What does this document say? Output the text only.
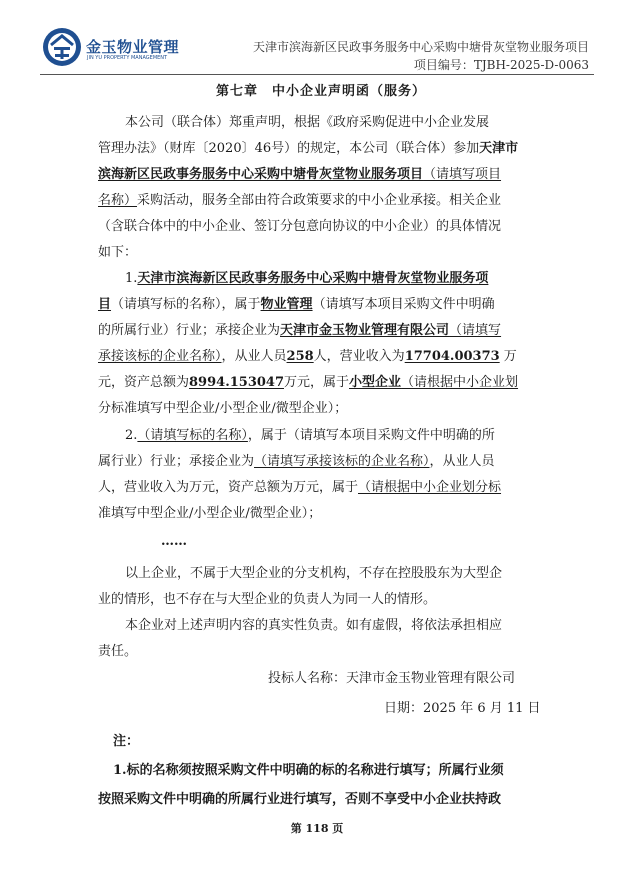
金玉物业管理
JIN YU PROPERTY MANAGEMENT
天津市滨海新区民政事务服务中心采购中塘骨灰堂物业服务项目
项目编号：TJBH-2025-D-0063
第七章　中小企业声明函（服务）
本公司（联合体）郑重声明，根据《政府采购促进中小企业发展
管理办法》（财库〔2020〕46号）的规定，本公司（联合体）参加天津市
滨海新区民政事务服务中心采购中塘骨灰堂物业服务项目（请填写项目
名称）采购活动，服务全部由符合政策要求的中小企业承接。相关企业
（含联合体中的中小企业、签订分包意向协议的中小企业）的具体情况
如下：
1.天津市滨海新区民政事务服务中心采购中塘骨灰堂物业服务项
目（请填写标的名称），属于物业管理（请填写本项目采购文件中明确
的所属行业）行业；承接企业为天津市金玉物业管理有限公司（请填写
承接该标的企业名称），从业人员258人，营业收入为17704.00373 万
元，资产总额为8994.153047万元，属于小型企业（请根据中小企业划
分标准填写中型企业/小型企业/微型企业）；
2.（请填写标的名称），属于（请填写本项目采购文件中明确的所
属行业）行业；承接企业为（请填写承接该标的企业名称），从业人员
人，营业收入为万元，资产总额为万元，属于（请根据中小企业划分标
准填写中型企业/小型企业/微型企业）；
……
以上企业，不属于大型企业的分支机构，不存在控股股东为大型企
业的情形，也不存在与大型企业的负责人为同一人的情形。
本企业对上述声明内容的真实性负责。如有虚假，将依法承担相应
责任。
投标人名称：天津市金玉物业管理有限公司
日期：2025 年 6 月 11 日
注：
1.标的名称须按照采购文件中明确的标的名称进行填写；所属行业须
按照采购文件中明确的所属行业进行填写，否则不享受中小企业扶持政
第 118 页
